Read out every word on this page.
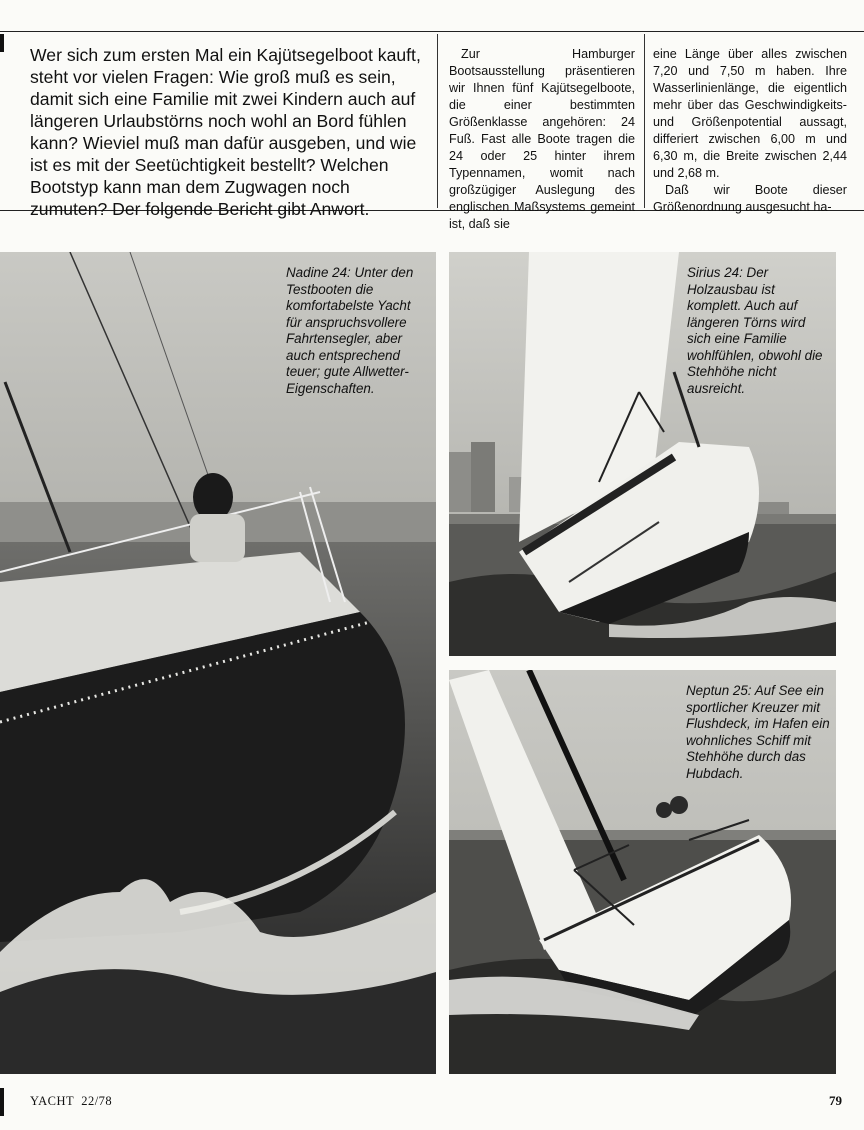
Wer sich zum ersten Mal ein Kajütsegelboot kauft, steht vor vielen Fragen: Wie groß muß es sein, damit sich eine Familie mit zwei Kindern auch auf längeren Urlaubstörns noch wohl an Bord fühlen kann? Wieviel muß man dafür ausgeben, und wie ist es mit der Seetüchtigkeit bestellt? Welchen Bootstyp kann man dem Zugwagen noch zumuten? Der folgende Bericht gibt Anwort.

Zur Hamburger Bootsausstellung präsentieren wir Ihnen fünf Kajütsegelboote, die einer bestimmten Größenklasse angehören: 24 Fuß. Fast alle Boote tragen die 24 oder 25 hinter ihrem Typennamen, womit nach großzügiger Auslegung des englischen Maßsystems gemeint ist, daß sie

eine Länge über alles zwischen 7,20 und 7,50 m haben. Ihre Wasserlinienlänge, die eigentlich mehr über das Geschwindigkeits- und Größenpotential aussagt, differiert zwischen 6,00 m und 6,30 m, die Breite zwischen 2,44 und 2,68 m.
Daß wir Boote dieser Größenordnung ausgesucht ha-

Nadine 24: Unter den Testbooten die komfortabelste Yacht für anspruchsvollere Fahrtensegler, aber auch entsprechend teuer; gute Allwetter-Eigenschaften.

Sirius 24: Der Holzausbau ist komplett. Auch auf längeren Törns wird sich eine Familie wohlfühlen, obwohl die Stehhöhe nicht ausreicht.

Neptun 25: Auf See ein sportlicher Kreuzer mit Flushdeck, im Hafen ein wohnliches Schiff mit Stehhöhe durch das Hubdach.

YACHT  22/78	79
